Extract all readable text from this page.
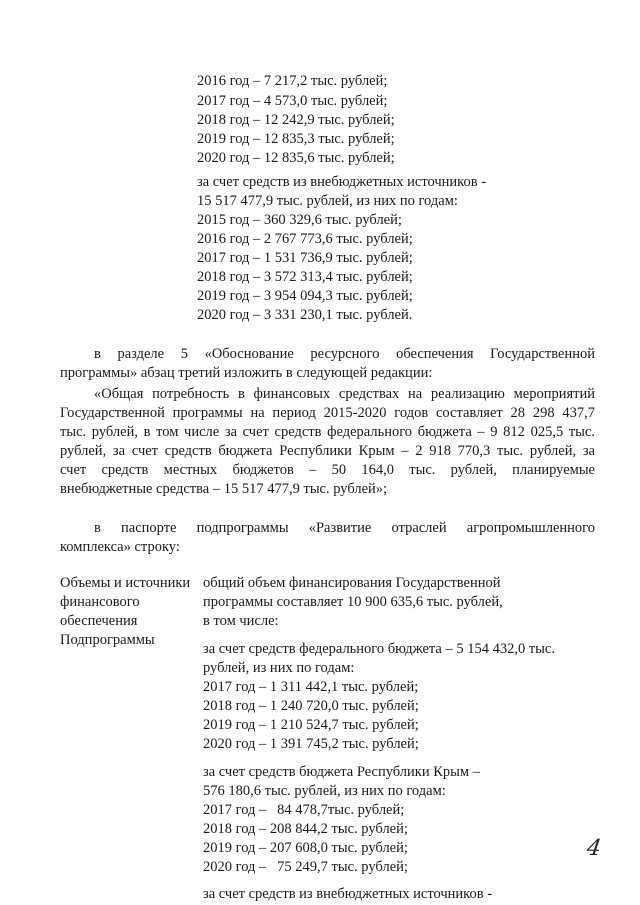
2016 год – 7 217,2 тыс. рублей;
2017 год – 4 573,0 тыс. рублей;
2018 год – 12 242,9 тыс. рублей;
2019 год – 12 835,3 тыс. рублей;
2020 год – 12 835,6 тыс. рублей;
за счет средств из внебюджетных источников -
15 517 477,9 тыс. рублей, из них по годам:
2015 год – 360 329,6 тыс. рублей;
2016 год – 2 767 773,6 тыс. рублей;
2017 год – 1 531 736,9 тыс. рублей;
2018 год – 3 572 313,4 тыс. рублей;
2019 год – 3 954 094,3 тыс. рублей;
2020 год – 3 331 230,1 тыс. рублей.
в разделе 5 «Обоснование ресурсного обеспечения Государственной
программы» абзац третий изложить в следующей редакции:
«Общая потребность в финансовых средствах на реализацию мероприятий
Государственной программы на период 2015-2020 годов составляет 28 298 437,7
тыс. рублей, в том числе за счет средств федерального бюджета – 9 812 025,5 тыс.
рублей, за счет средств бюджета Республики Крым – 2 918 770,3 тыс. рублей, за
счет средств местных бюджетов – 50 164,0 тыс. рублей, планируемые
внебюджетные средства – 15 517 477,9 тыс. рублей»;
в паспорте подпрограммы «Развитие отраслей агропромышленного
комплекса» строку:
Объемы и источники
финансового
обеспечения
Подпрограммы
общий объем финансирования Государственной
программы составляет 10 900 635,6 тыс. рублей,
в том числе:
за счет средств федерального бюджета – 5 154 432,0 тыс.
рублей, из них по годам:
2017 год – 1 311 442,1 тыс. рублей;
2018 год – 1 240 720,0 тыс. рублей;
2019 год – 1 210 524,7 тыс. рублей;
2020 год – 1 391 745,2 тыс. рублей;
за счет средств бюджета Республики Крым –
576 180,6 тыс. рублей, из них по годам:
2017 год –   84 478,7тыс. рублей;
2018 год – 208 844,2 тыс. рублей;
2019 год – 207 608,0 тыс. рублей;
2020 год –   75 249,7 тыс. рублей;
за счет средств из внебюджетных источников -
4
